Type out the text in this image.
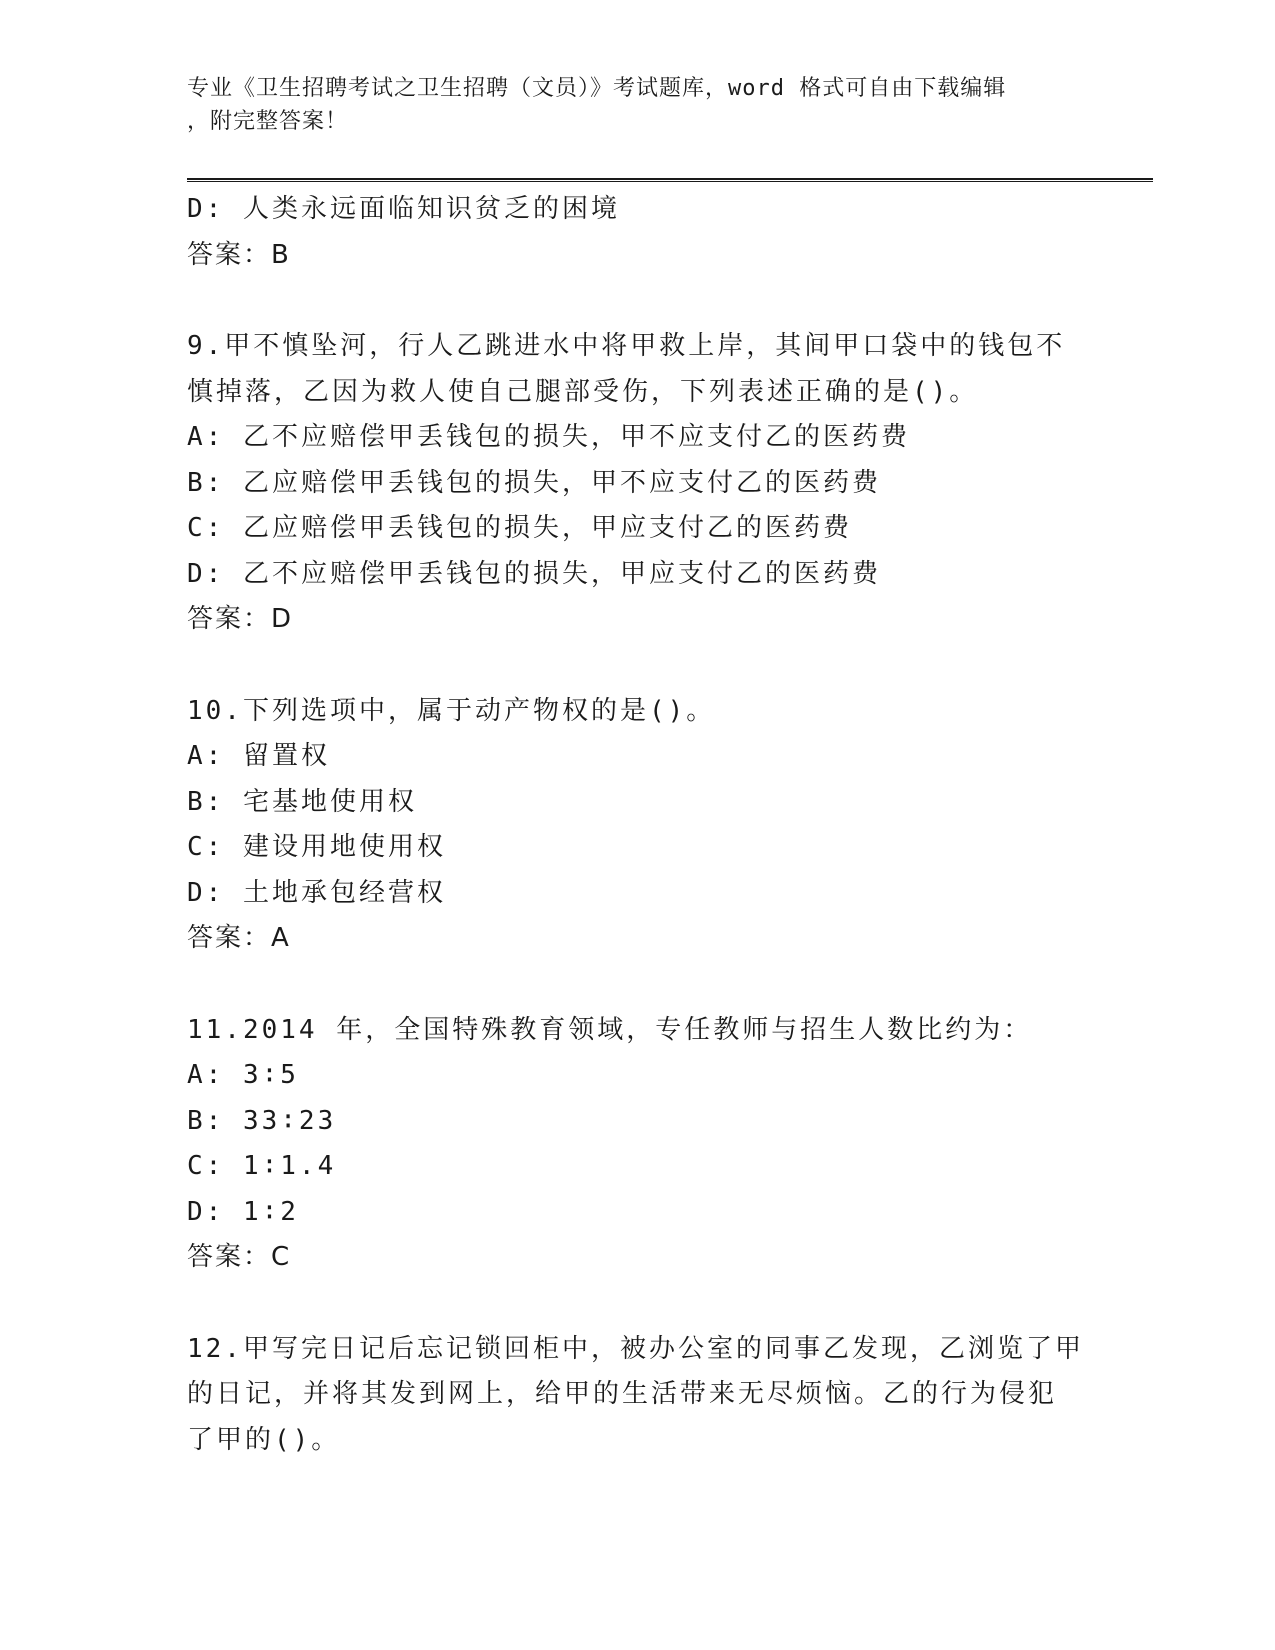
专业《卫生招聘考试之卫生招聘（文员）》考试题库，word 格式可自由下载编辑
，附完整答案！
D: 人类永远面临知识贫乏的困境
答案：B
9.甲不慎坠河，行人乙跳进水中将甲救上岸，其间甲口袋中的钱包不
慎掉落，乙因为救人使自己腿部受伤，下列表述正确的是()。
A: 乙不应赔偿甲丢钱包的损失，甲不应支付乙的医药费
B: 乙应赔偿甲丢钱包的损失，甲不应支付乙的医药费
C: 乙应赔偿甲丢钱包的损失，甲应支付乙的医药费
D: 乙不应赔偿甲丢钱包的损失，甲应支付乙的医药费
答案：D
10.下列选项中，属于动产物权的是()。
A: 留置权
B: 宅基地使用权
C: 建设用地使用权
D: 土地承包经营权
答案：A
11.2014 年，全国特殊教育领域，专任教师与招生人数比约为：
A: 3∶5
B: 33∶23
C: 1∶1.4
D: 1∶2
答案：C
12.甲写完日记后忘记锁回柜中，被办公室的同事乙发现，乙浏览了甲
的日记，并将其发到网上，给甲的生活带来无尽烦恼。乙的行为侵犯
了甲的()。
